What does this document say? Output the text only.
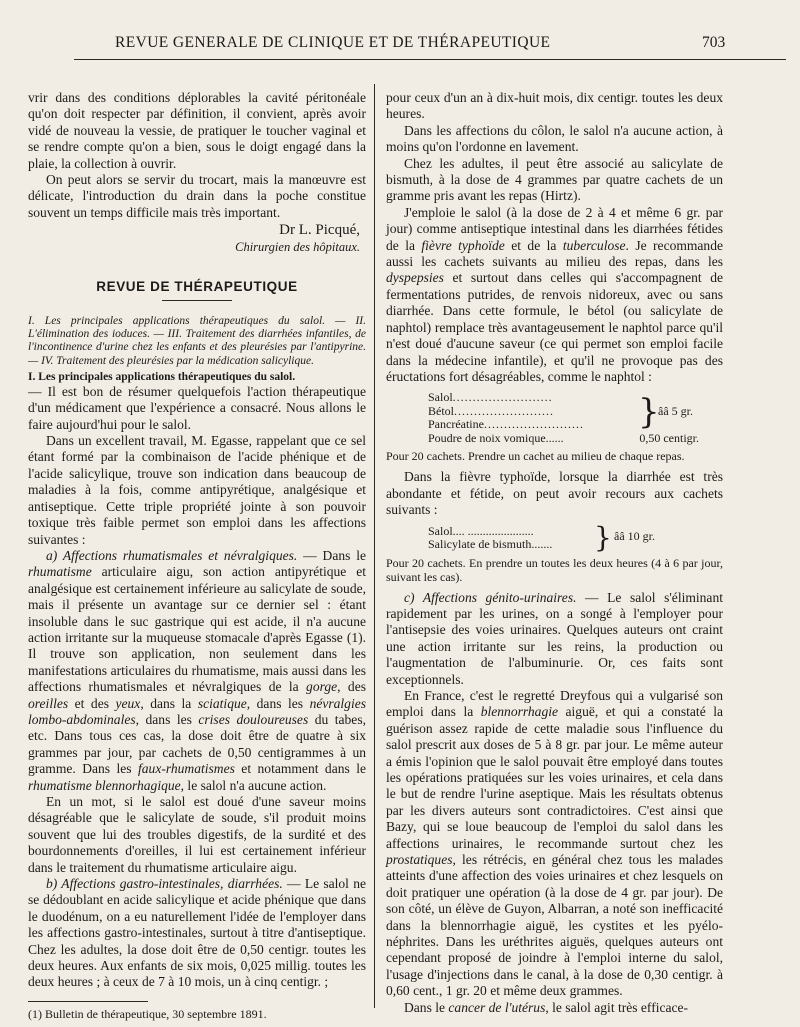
REVUE GENERALE DE CLINIQUE ET DE THÉRAPEUTIQUE	703

vrir dans des conditions déplorables la cavité péritonéale qu'on doit respecter par définition, il convient, après avoir vidé de nouveau la vessie, de pratiquer le toucher vaginal et se rendre compte qu'on a bien, sous le doigt engagé dans la plaie, la collection à ouvrir.

On peut alors se servir du trocart, mais la manœuvre est délicate, l'introduction du drain dans la poche constitue souvent un temps difficile mais très important.

Dr L. Picqué,
Chirurgien des hôpitaux.
REVUE DE THÉRAPEUTIQUE

I. Les principales applications thérapeutiques du salol. — II. L'élimination des ioduces. — III. Traitement des diarrhées infantiles, de l'incontinence d'urine chez les enfants et des pleurésies par l'antipyrine. — IV. Traitement des pleurésies par la médication salicylique.

I. Les principales applications thérapeutiques du salol.

— Il est bon de résumer quelquefois l'action thérapeutique d'un médicament que l'expérience a consacré. Nous allons le faire aujourd'hui pour le salol.

Dans un excellent travail, M. Egasse, rappelant que ce sel étant formé par la combinaison de l'acide phénique et de l'acide salicylique, trouve son indication dans beaucoup de maladies à la fois, comme antipyrétique, analgésique et antiseptique. Cette triple propriété jointe à son pouvoir toxique très faible permet son emploi dans les affections suivantes :

a) Affections rhumatismales et névralgiques. — Dans le rhumatisme articulaire aigu, son action antipyrétique et analgésique est certainement inférieure au salicylate de soude, mais il présente un avantage sur ce dernier sel : étant insoluble dans le suc gastrique qui est acide, il n'a aucune action irritante sur la muqueuse stomacale d'après Egasse (1). Il trouve son application, non seulement dans les manifestations articulaires du rhumatisme, mais aussi dans les affections rhumatismales et névralgiques de la gorge, des oreilles et des yeux, dans la sciatique, dans les névralgies lombo-abdominales, dans les crises douloureuses du tabes, etc. Dans tous ces cas, la dose doit être de quatre à six grammes par jour, par cachets de 0,50 centigrammes à un gramme. Dans les faux-rhumatismes et notamment dans le rhumatisme blennorhagique, le salol n'a aucune action.

En un mot, si le salol est doué d'une saveur moins désagréable que le salicylate de soude, s'il produit moins souvent que lui des troubles digestifs, de la surdité et des bourdonnements d'oreilles, il lui est certainement inférieur dans le traitement du rhumatisme articulaire aigu.

b) Affections gastro-intestinales, diarrhées. — Le salol ne se dédoublant en acide salicylique et acide phénique que dans le duodénum, on a eu naturellement l'idée de l'employer dans les affections gastro-intestinales, surtout à titre d'antiseptique. Chez les adultes, la dose doit être de 0,50 centigr. toutes les deux heures. Aux enfants de six mois, 0,025 millig. toutes les deux heures ; à ceux de 7 à 10 mois, un à cinq centigr. ;

(1) Bulletin de thérapeutique, 30 septembre 1891.

pour ceux d'un an à dix-huit mois, dix centigr. toutes les deux heures.

Dans les affections du côlon, le salol n'a aucune action, à moins qu'on l'ordonne en lavement.

Chez les adultes, il peut être associé au salicylate de bismuth, à la dose de 4 grammes par quatre cachets de un gramme pris avant les repas (Hirtz).

J'emploie le salol (à la dose de 2 à 4 et même 6 gr. par jour) comme antiseptique intestinal dans les diarrhées fétides de la fièvre typhoïde et de la tuberculose. Je recommande aussi les cachets suivants au milieu des repas, dans les dyspepsies et surtout dans celles qui s'accompagnent de fermentations putrides, de renvois nidoreux, avec ou sans diarrhée. Dans cette formule, le bétol (ou salicylate de naphtol) remplace très avantageusement le naphtol parce qu'il n'est doué d'aucune saveur (ce qui permet son emploi facile dans la médecine infantile), et qu'il ne provoque pas des éructations fort désagréables, comme le naphtol :

Salol.........................
Bétol.........................
Pancréatine.........................	}
ââ 5 gr.
Poudre de noix vomique......	0,50 centigr.

Pour 20 cachets. Prendre un cachet au milieu de chaque repas.

Dans la fièvre typhoïde, lorsque la diarrhée est très abondante et fétide, on peut avoir recours aux cachets suivants :

Salol.... ......................
Salicylate de bismuth.......	} ââ 10 gr.

Pour 20 cachets. En prendre un toutes les deux heures (4 à 6 par jour, suivant les cas).

c) Affections génito-urinaires. — Le salol s'éliminant rapidement par les urines, on a songé à l'employer pour l'antisepsie des voies urinaires. Quelques auteurs ont craint une action irritante sur les reins, la production ou l'augmentation de l'albuminurie. Or, ces faits sont exceptionnels.

En France, c'est le regretté Dreyfous qui a vulgarisé son emploi dans la blennorrhagie aiguë, et qui a constaté la guérison assez rapide de cette maladie sous l'influence du salol prescrit aux doses de 5 à 8 gr. par jour. Le même auteur a émis l'opinion que le salol pouvait être employé dans toutes les opérations pratiquées sur les voies urinaires, et cela dans le but de rendre l'urine aseptique. Mais les résultats obtenus par les divers auteurs sont contradictoires. C'est ainsi que Bazy, qui se loue beaucoup de l'emploi du salol dans les affections urinaires, le recommande surtout chez les prostatiques, les rétrécis, en général chez tous les malades atteints d'une affection des voies urinaires et chez lesquels on doit pratiquer une opération (à la dose de 4 gr. par jour). De son côté, un élève de Guyon, Albarran, a noté son inefficacité dans la blennorrhagie aiguë, les cystites et les pyélo-néphrites. Dans les uréthrites aiguës, quelques auteurs ont cependant proposé de joindre à l'emploi interne du salol, l'usage d'injections dans le canal, à la dose de 0,30 centigr. à 0,60 cent., 1 gr. 20 et même deux grammes.

Dans le cancer de l'utérus, le salol agit très efficace-
